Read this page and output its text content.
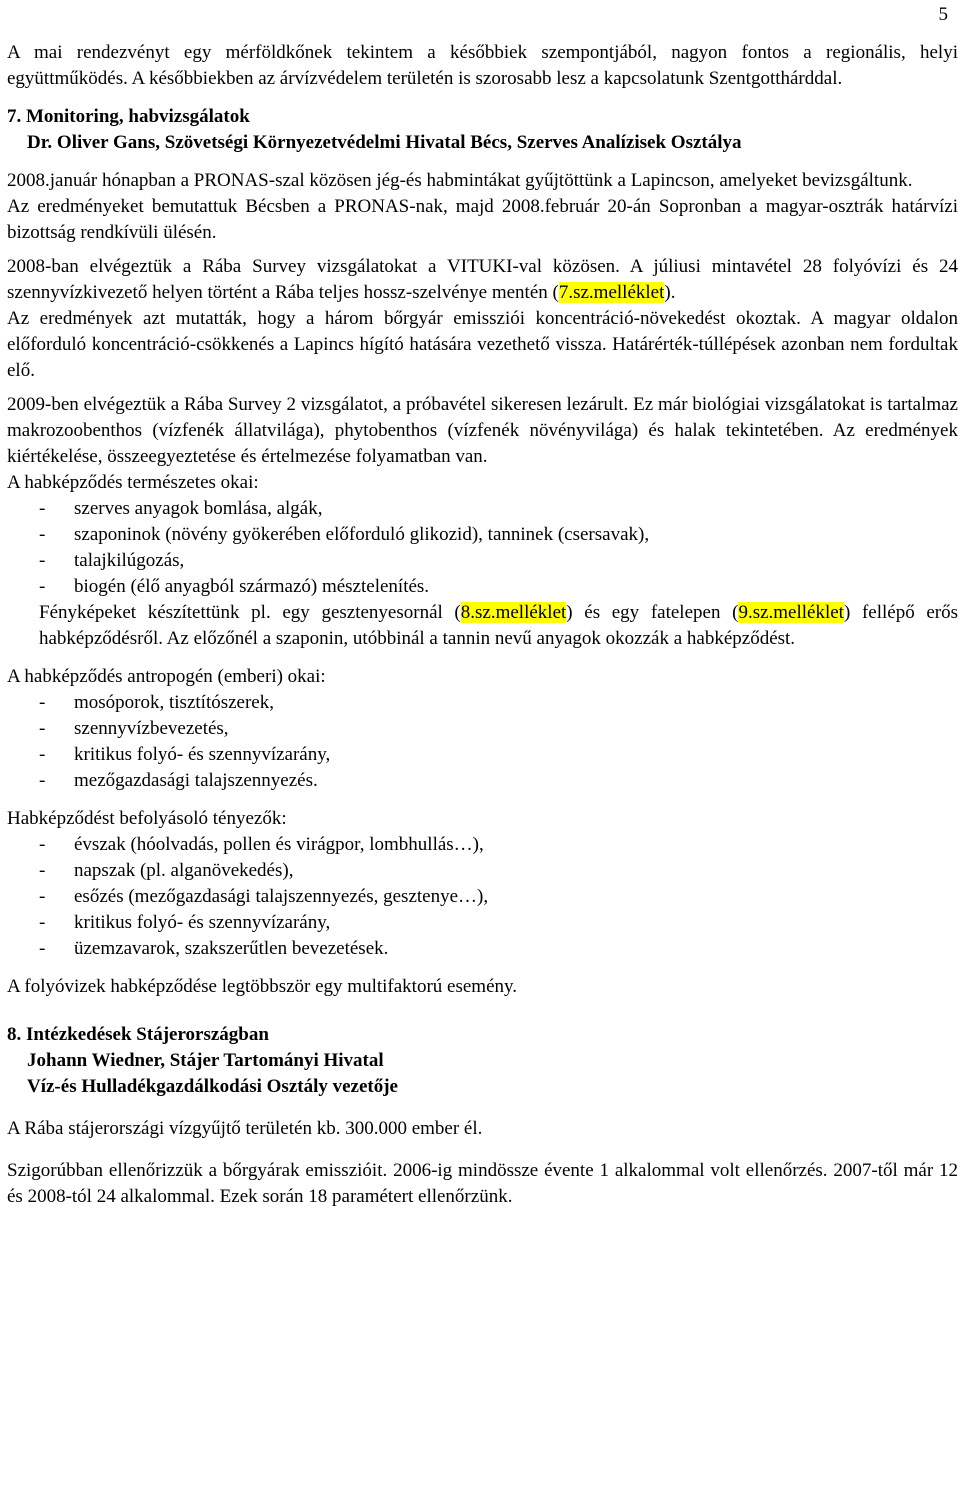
5

A mai rendezvényt egy mérföldkőnek tekintem a későbbiek szempontjából, nagyon fontos a regionális, helyi együttműködés. A későbbiekben az árvízvédelem területén is szorosabb lesz a kapcsolatunk Szentgotthárddal.

7. Monitoring, habvizsgálatok

Dr. Oliver Gans, Szövetségi Környezetvédelmi Hivatal Bécs, Szerves Analízisek Osztálya

2008.január hónapban a PRONAS-szal közösen jég-és habmintákat gyűjtöttünk a Lapincson, amelyeket bevizsgáltunk.

Az eredményeket bemutattuk Bécsben a PRONAS-nak, majd 2008.február 20-án Sopronban a magyar-osztrák határvízi bizottság rendkívüli ülésén.

2008-ban elvégeztük a Rába Survey vizsgálatokat a VITUKI-val közösen. A júliusi mintavétel 28 folyóvízi és 24 szennyvízkivezető helyen történt a Rába teljes hossz-szelvénye mentén (7.sz.melléklet).

Az eredmények azt mutatták, hogy a három bőrgyár emissziói koncentráció-növekedést okoztak. A magyar oldalon előforduló koncentráció-csökkenés a Lapincs hígító hatására vezethető vissza. Határérték-túllépések azonban nem fordultak elő.

2009-ben elvégeztük a Rába Survey 2 vizsgálatot, a próbavétel sikeresen lezárult. Ez már biológiai vizsgálatokat is tartalmaz makrozoobenthos (vízfenék állatvilága), phytobenthos (vízfenék növényvilága) és halak tekintetében. Az eredmények kiértékelése, összeegyeztetése és értelmezése folyamatban van.

A habképződés természetes okai:

- szerves anyagok bomlása, algák,
- szaponinok (növény gyökerében előforduló glikozid), tanninek (csersavak),
- talajkilúgozás,
- biogén (élő anyagból származó) mésztelenítés.

Fényképeket készítettünk pl. egy gesztenyesornál (8.sz.melléklet) és egy fatelepen (9.sz.melléklet) fellépő erős habképződésről. Az előzőnél a szaponin, utóbbinál a tannin nevű anyagok okozzák a habképződést.

A habképződés antropogén (emberi) okai:

- mosóporok, tisztítószerek,
- szennyvízbevezetés,
- kritikus folyó- és szennyvízarány,
- mezőgazdasági talajszennyezés.

Habképződést befolyásoló tényezők:

- évszak (hóolvadás, pollen és virágpor, lombhullás…),
- napszak (pl. alganövekedés),
- esőzés (mezőgazdasági talajszennyezés, gesztenye…),
- kritikus folyó- és szennyvízarány,
- üzemzavarok, szakszerűtlen bevezetések.

A folyóvizek habképződése legtöbbször egy multifaktorú esemény.

8. Intézkedések Stájerországban

Johann Wiedner, Stájer Tartományi Hivatal

Víz-és Hulladékgazdálkodási Osztály vezetője

A Rába stájerországi vízgyűjtő területén kb. 300.000 ember él.

Szigorúbban ellenőrizzük a bőrgyárak emisszióit. 2006-ig mindössze évente 1 alkalommal volt ellenőrzés. 2007-től már 12 és 2008-tól 24 alkalommal. Ezek során 18 paramétert ellenőrzünk.
